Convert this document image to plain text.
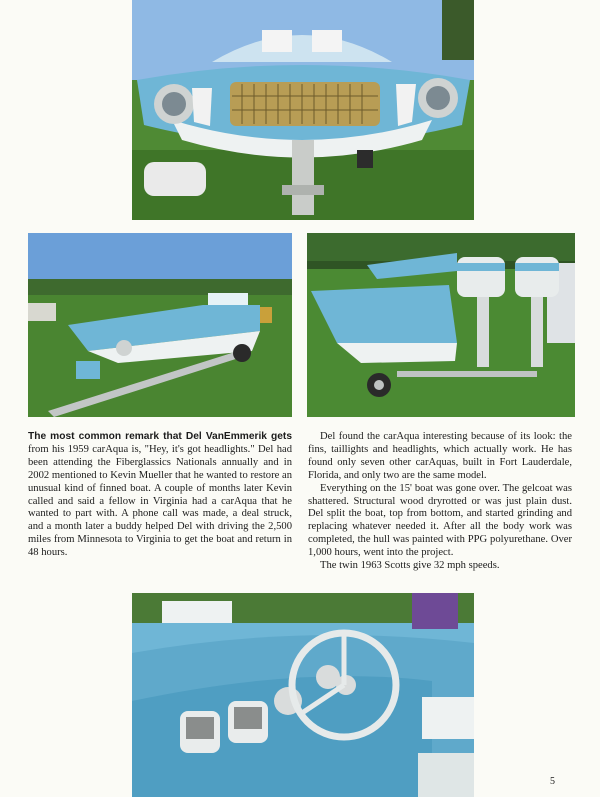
The most common remark that Del VanEmmerik gets from his 1959 carAqua is, "Hey, it's got headlights." Del had been attending the Fiberglassics Nationals annually and in 2002 mentioned to Kevin Mueller that he wanted to restore an unusual kind of finned boat. A couple of months later Kevin called and said a fellow in Virginia had a carAqua that he wanted to part with. A phone call was made, a deal struck, and a month later a buddy helped Del with driving the 2,500 miles from Minnesota to Virginia to get the boat and return in 48 hours.

Del found the carAqua interesting because of its look: the fins, taillights and headlights, which actually work. He has found only seven other carAquas, built in Fort Lauderdale, Florida, and only two are the same model.

Everything on the 15' boat was gone over. The gelcoat was shattered. Structural wood dryrotted or was just plain dust. Del split the boat, top from bottom, and started grinding and replacing whatever needed it. After all the body work was completed, the hull was painted with PPG polyurethane. Over 1,000 hours, went into the project.

The twin 1963 Scotts give 32 mph speeds.

5
